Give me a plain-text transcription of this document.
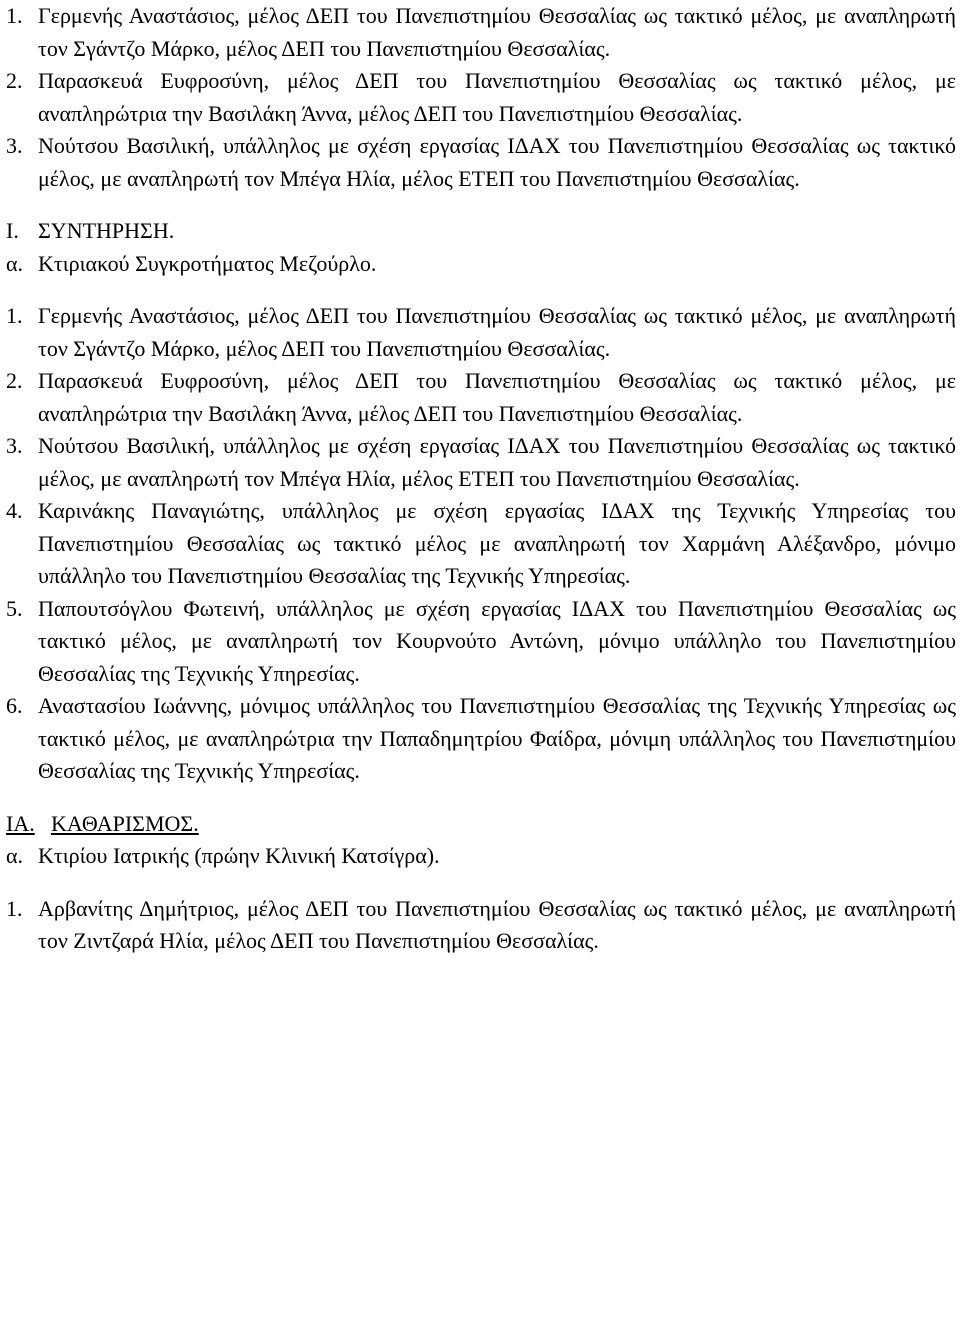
1. Γερμενής Αναστάσιος, μέλος ΔΕΠ του Πανεπιστημίου Θεσσαλίας ως τακτικό μέλος, με αναπληρωτή τον Σγάντζο Μάρκο, μέλος ΔΕΠ του Πανεπιστημίου Θεσσαλίας.
2. Παρασκευά Ευφροσύνη, μέλος ΔΕΠ του Πανεπιστημίου Θεσσαλίας ως τακτικό μέλος, με αναπληρώτρια την Βασιλάκη Άννα, μέλος ΔΕΠ του Πανεπιστημίου Θεσσαλίας.
3. Νούτσου Βασιλική, υπάλληλος με σχέση εργασίας ΙΔΑΧ του Πανεπιστημίου Θεσσαλίας ως τακτικό μέλος, με αναπληρωτή τον Μπέγα Ηλία, μέλος ΕΤΕΠ του Πανεπιστημίου Θεσσαλίας.
Ι. ΣΥΝΤΗΡΗΣΗ.
α. Κτιριακού Συγκροτήματος Μεζούρλο.
1. Γερμενής Αναστάσιος, μέλος ΔΕΠ του Πανεπιστημίου Θεσσαλίας ως τακτικό μέλος, με αναπληρωτή τον Σγάντζο Μάρκο, μέλος ΔΕΠ του Πανεπιστημίου Θεσσαλίας.
2. Παρασκευά Ευφροσύνη, μέλος ΔΕΠ του Πανεπιστημίου Θεσσαλίας ως τακτικό μέλος, με αναπληρώτρια την Βασιλάκη Άννα, μέλος ΔΕΠ του Πανεπιστημίου Θεσσαλίας.
3. Νούτσου Βασιλική, υπάλληλος με σχέση εργασίας ΙΔΑΧ του Πανεπιστημίου Θεσσαλίας ως τακτικό μέλος, με αναπληρωτή τον Μπέγα Ηλία, μέλος ΕΤΕΠ του Πανεπιστημίου Θεσσαλίας.
4. Καρινάκης Παναγιώτης, υπάλληλος με σχέση εργασίας ΙΔΑΧ της Τεχνικής Υπηρεσίας του Πανεπιστημίου Θεσσαλίας ως τακτικό μέλος με αναπληρωτή τον Χαρμάνη Αλέξανδρο, μόνιμο υπάλληλο του Πανεπιστημίου Θεσσαλίας της Τεχνικής Υπηρεσίας.
5. Παπουτσόγλου Φωτεινή, υπάλληλος με σχέση εργασίας ΙΔΑΧ του Πανεπιστημίου Θεσσαλίας ως τακτικό μέλος, με αναπληρωτή τον Κουρνούτο Αντώνη, μόνιμο υπάλληλο του Πανεπιστημίου Θεσσαλίας της Τεχνικής Υπηρεσίας.
6. Αναστασίου Ιωάννης, μόνιμος υπάλληλος του Πανεπιστημίου Θεσσαλίας της Τεχνικής Υπηρεσίας ως τακτικό μέλος, με αναπληρώτρια την Παπαδημητρίου Φαίδρα, μόνιμη υπάλληλος του Πανεπιστημίου Θεσσαλίας της Τεχνικής Υπηρεσίας.
ΙΑ. ΚΑΘΑΡΙΣΜΟΣ.
α. Κτιρίου Ιατρικής (πρώην Κλινική Κατσίγρα).
1. Αρβανίτης Δημήτριος, μέλος ΔΕΠ του Πανεπιστημίου Θεσσαλίας ως τακτικό μέλος, με αναπληρωτή τον Ζιντζαρά Ηλία, μέλος ΔΕΠ του Πανεπιστημίου Θεσσαλίας.
